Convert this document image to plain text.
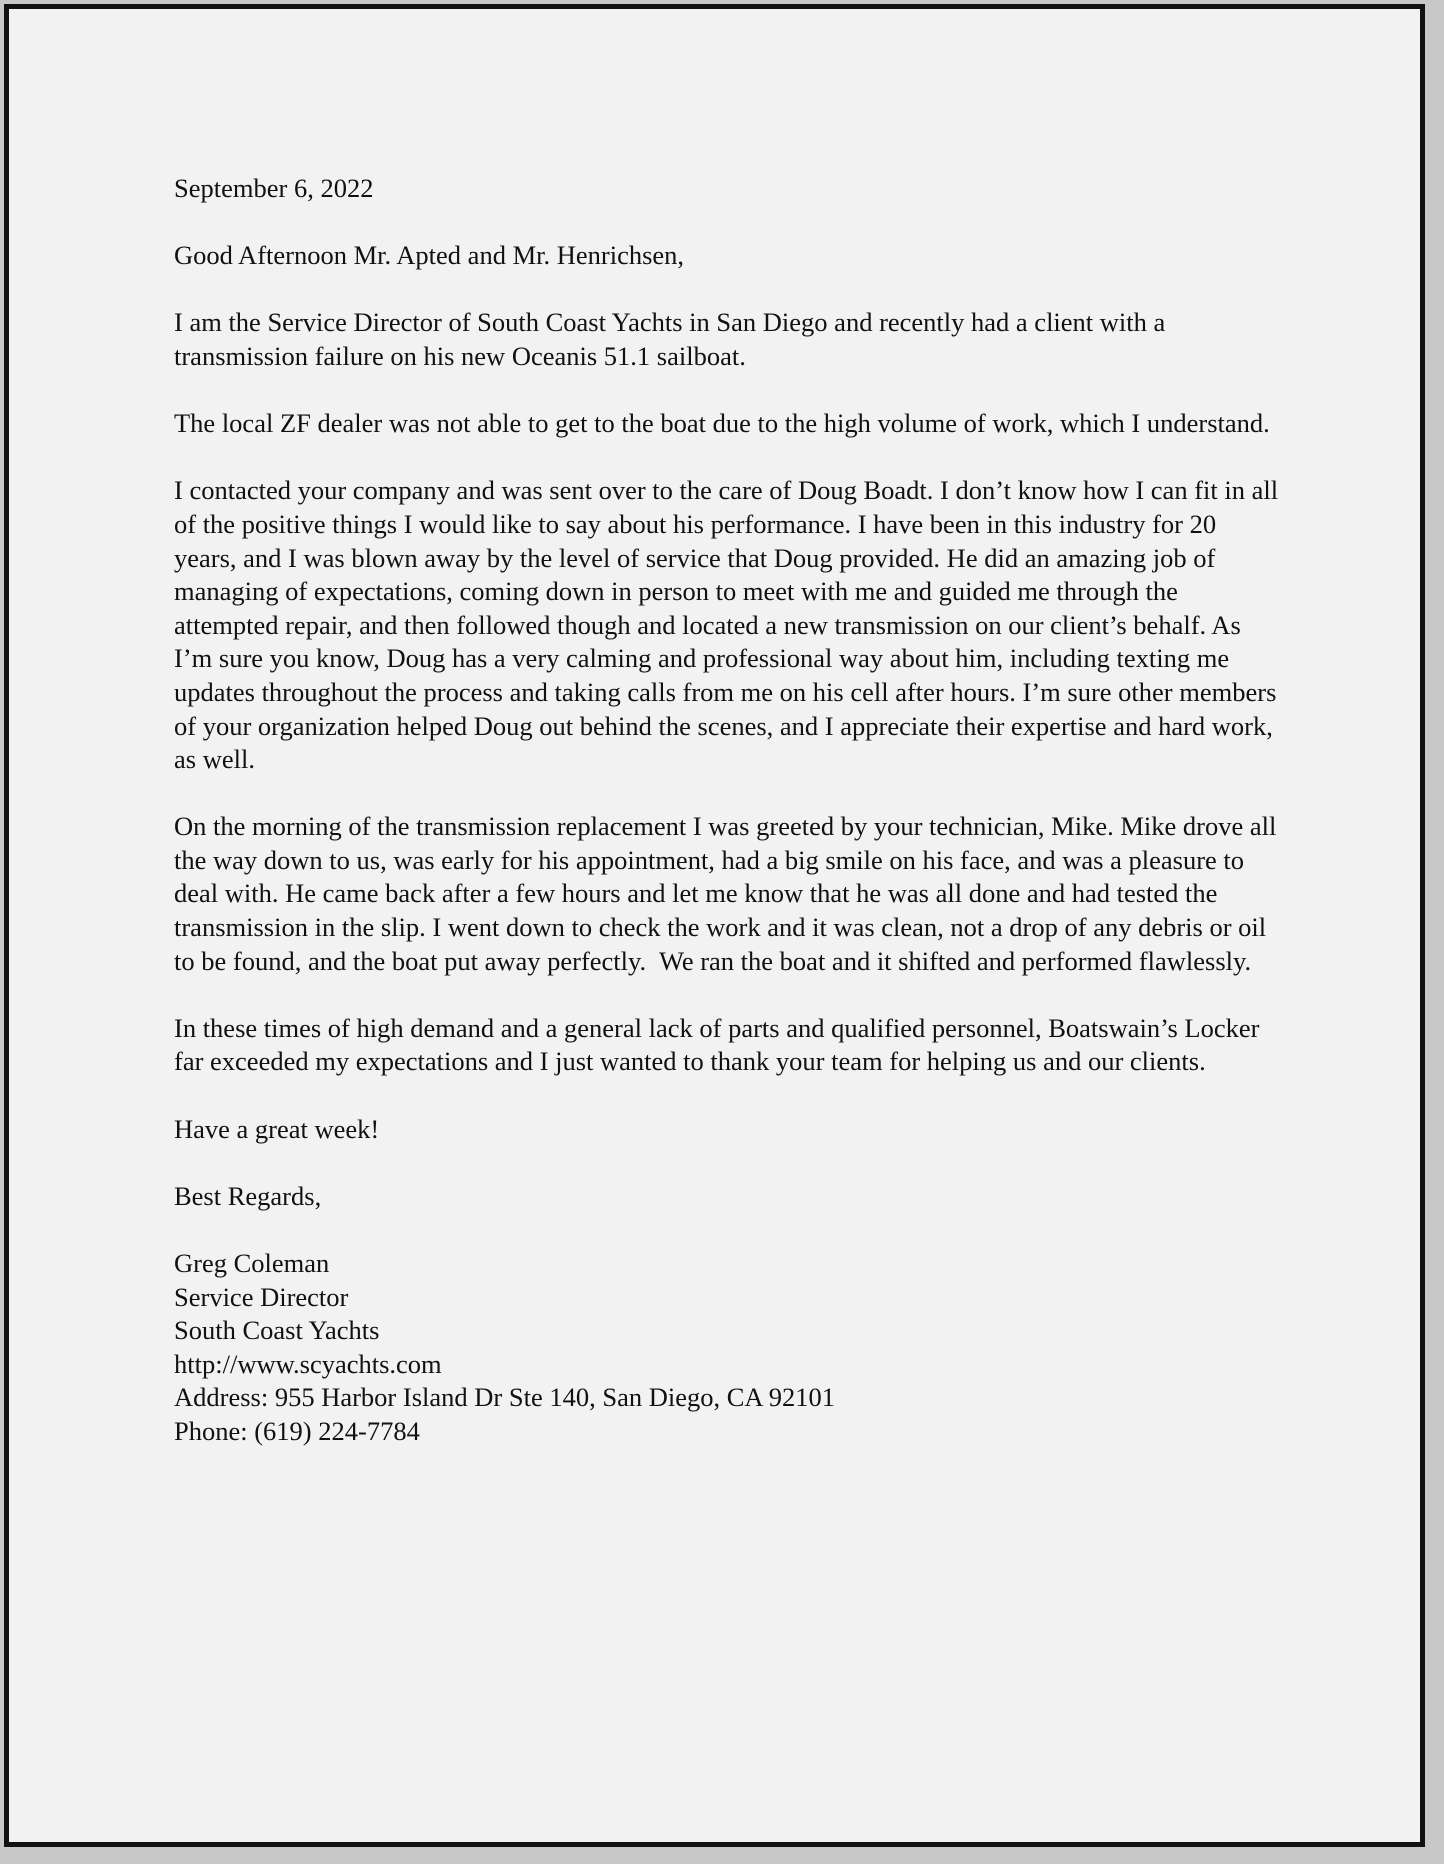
September 6, 2022

Good Afternoon Mr. Apted and Mr. Henrichsen,

I am the Service Director of South Coast Yachts in San Diego and recently had a client with a transmission failure on his new Oceanis 51.1 sailboat.

The local ZF dealer was not able to get to the boat due to the high volume of work, which I understand.

I contacted your company and was sent over to the care of Doug Boadt. I don’t know how I can fit in all of the positive things I would like to say about his performance. I have been in this industry for 20 years, and I was blown away by the level of service that Doug provided. He did an amazing job of managing of expectations, coming down in person to meet with me and guided me through the attempted repair, and then followed though and located a new transmission on our client’s behalf. As I’m sure you know, Doug has a very calming and professional way about him, including texting me updates throughout the process and taking calls from me on his cell after hours. I’m sure other members of your organization helped Doug out behind the scenes, and I appreciate their expertise and hard work, as well.

On the morning of the transmission replacement I was greeted by your technician, Mike. Mike drove all the way down to us, was early for his appointment, had a big smile on his face, and was a pleasure to deal with. He came back after a few hours and let me know that he was all done and had tested the transmission in the slip. I went down to check the work and it was clean, not a drop of any debris or oil to be found, and the boat put away perfectly.  We ran the boat and it shifted and performed flawlessly.

In these times of high demand and a general lack of parts and qualified personnel, Boatswain’s Locker far exceeded my expectations and I just wanted to thank your team for helping us and our clients.

Have a great week!

Best Regards,

Greg Coleman
Service Director
South Coast Yachts
http://www.scyachts.com
Address: 955 Harbor Island Dr Ste 140, San Diego, CA 92101
Phone: (619) 224-7784
